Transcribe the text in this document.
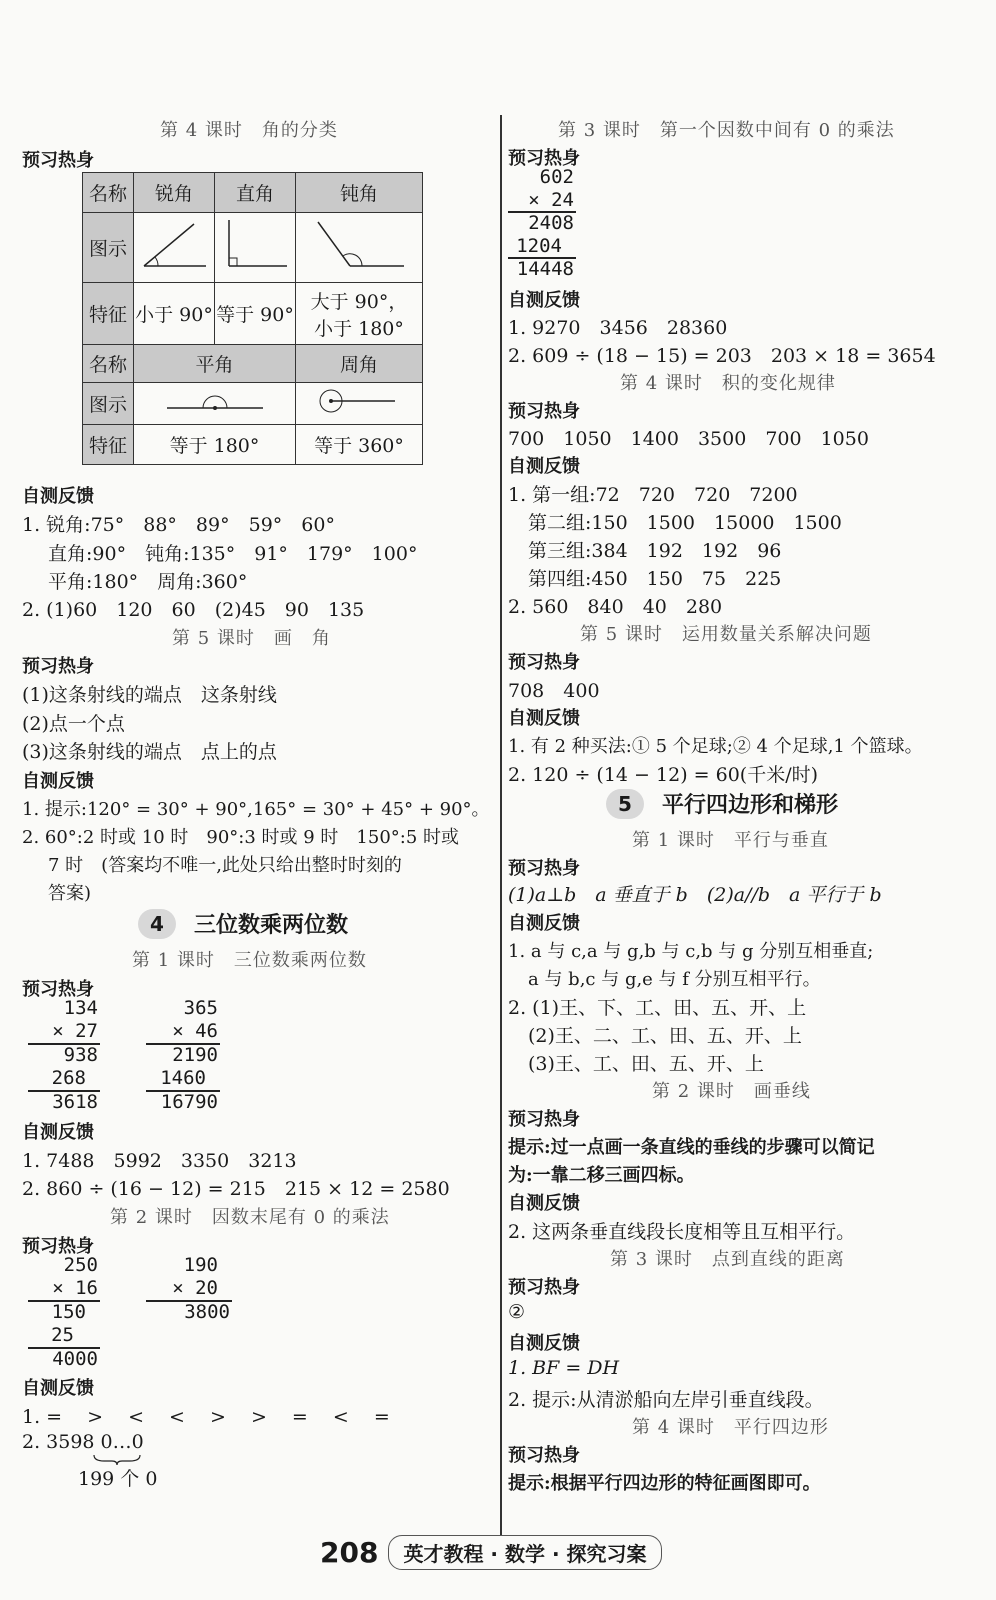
第 4 课时　角的分类
预习热身
名称	锐角	直角	钝角
图示			
特征	小于 90°	等于 90°	大于 90°，
小于 180°

名称	平角		周角
图示		
特征	等于 180°		等于 360°
自测反馈
1. 锐角:75°　88°　89°　59°　60°
直角:90°　钝角:135°　91°　179°　100°
平角:180°　周角:360°
2. (1)60　120　60　(2)45　90　135
第 5 课时　画　角
预习热身
(1)这条射线的端点　这条射线
(2)点一个点
(3)这条射线的端点　点上的点
自测反馈
1. 提示:120° = 30° + 90°,165° = 30° + 45° + 90°。
2. 60°:2 时或 10 时　90°:3 时或 9 时　150°:5 时或
7 时　(答案均不唯一,此处只给出整时时刻的
答案)
4	三位数乘两位数
第 1 课时　三位数乘两位数
预习热身
134
× 27
938
268
3618
365
× 46
2190
1460
16790
自测反馈
1. 7488　5992　3350　3213
2. 860 ÷ (16 − 12) = 215　215 × 12 = 2580
第 2 课时　因数末尾有 0 的乘法
预习热身
250
× 16
150
25
4000
190
× 20
3800
自测反馈
1. =　 >　 <　 <　 >　 >　 =　 <　 =
2. 3598 0…0
199 个 0
第 3 课时　第一个因数中间有 0 的乘法
预习热身
602
× 24
2408
1204
14448
自测反馈
1. 9270　3456　28360
2. 609 ÷ (18 − 15) = 203　203 × 18 = 3654
第 4 课时　积的变化规律
预习热身
700　1050　1400　3500　700　1050
自测反馈
1. 第一组:72　720　720　7200
第二组:150　1500　15000　1500
第三组:384　192　192　96
第四组:450　150　75　225
2. 560　840　40　280
第 5 课时　运用数量关系解决问题
预习热身
708　400
自测反馈
1. 有 2 种买法:① 5 个足球;② 4 个足球,1 个篮球。
2. 120 ÷ (14 − 12) = 60(千米/时)
5	平行四边形和梯形
第 1 课时　平行与垂直
预习热身
(1)a⊥b　a 垂直于 b　(2)a//b　a 平行于 b
自测反馈
1. a 与 c,a 与 g,b 与 c,b 与 g 分别互相垂直;
a 与 b,c 与 g,e 与 f 分别互相平行。
2. (1)王、下、工、田、五、开、上
(2)王、二、工、田、五、开、上
(3)王、工、田、五、开、上
第 2 课时　画垂线
预习热身
提示:过一点画一条直线的垂线的步骤可以简记
为:一靠二移三画四标。
自测反馈
2. 这两条垂直线段长度相等且互相平行。
第 3 课时　点到直线的距离
预习热身
②
自测反馈
1. BF = DH
2. 提示:从清淤船向左岸引垂直线段。
第 4 课时　平行四边形
预习热身
提示:根据平行四边形的特征画图即可。
208	英才教程 · 数学 · 探究习案
